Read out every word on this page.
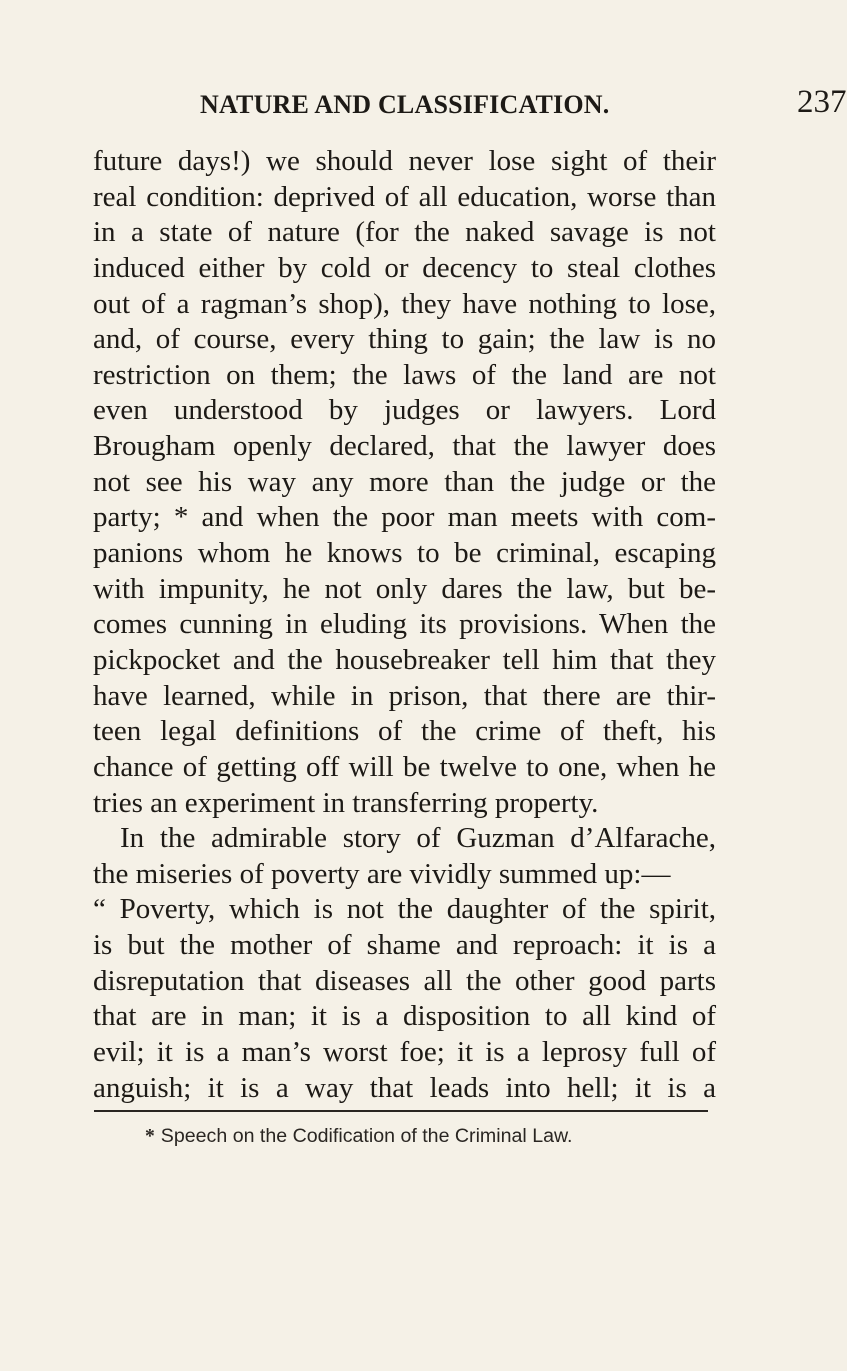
NATURE AND CLASSIFICATION.	237
future days!) we should never lose sight of their
real condition: deprived of all education, worse than
in a state of nature (for the naked savage is not
induced either by cold or decency to steal clothes
out of a ragman’s shop), they have nothing to lose,
and, of course, every thing to gain; the law is no
restriction on them; the laws of the land are not
even understood by judges or lawyers. Lord
Brougham openly declared, that the lawyer does
not see his way any more than the judge or the
party; * and when the poor man meets with com-
panions whom he knows to be criminal, escaping
with impunity, he not only dares the law, but be-
comes cunning in eluding its provisions. When the
pickpocket and the housebreaker tell him that they
have learned, while in prison, that there are thir-
teen legal definitions of the crime of theft, his
chance of getting off will be twelve to one, when he
tries an experiment in transferring property.
In the admirable story of Guzman d’Alfarache,
the miseries of poverty are vividly summed up:—
“ Poverty, which is not the daughter of the spirit,
is but the mother of shame and reproach: it is a
disreputation that diseases all the other good parts
that are in man; it is a disposition to all kind of
evil; it is a man’s worst foe; it is a leprosy full of
anguish; it is a way that leads into hell; it is a
* Speech on the Codification of the Criminal Law.
